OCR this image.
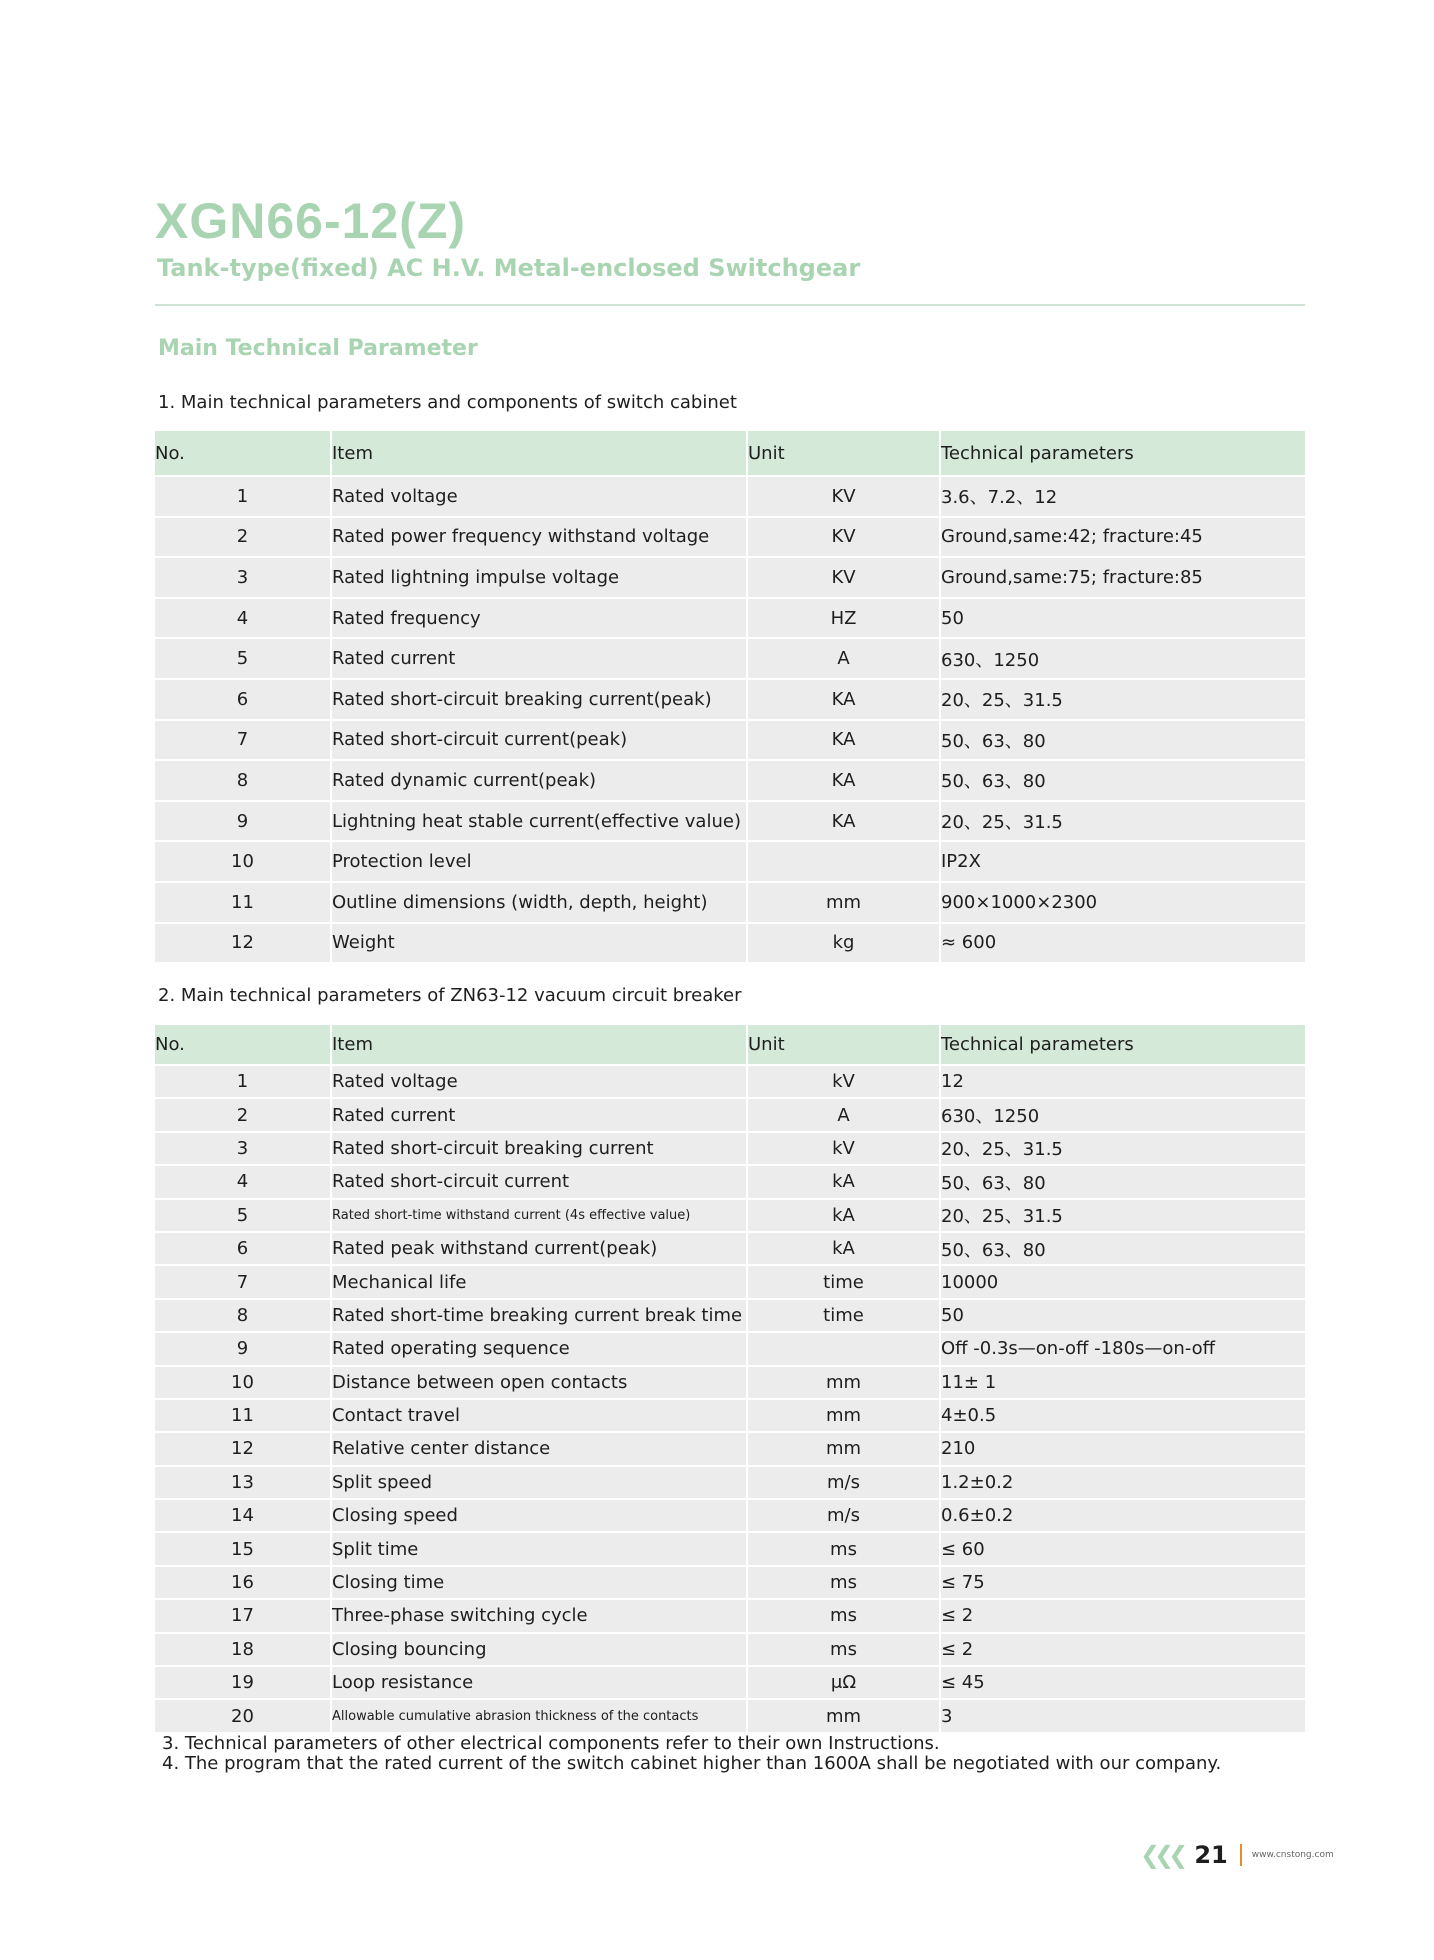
XGN66-12(Z)
Tank-type(fixed) AC H.V. Metal-enclosed Switchgear
Main Technical Parameter

1. Main technical parameters and components of switch cabinet

No.	Item	Unit	Technical parameters
1	Rated voltage	KV	3.6、7.2、12
2	Rated power frequency withstand voltage	KV	Ground,same:42; fracture:45
3	Rated lightning impulse voltage	KV	Ground,same:75; fracture:85
4	Rated frequency	HZ	50
5	Rated current	A	630、1250
6	Rated short-circuit breaking current(peak)	KA	20、25、31.5
7	Rated short-circuit current(peak)	KA	50、63、80
8	Rated dynamic current(peak)	KA	50、63、80
9	Lightning heat stable current(effective value)	KA	20、25、31.5
10	Protection level		IP2X
11	Outline dimensions (width, depth, height)	mm	900×1000×2300
12	Weight	kg	≈ 600

2. Main technical parameters of ZN63-12 vacuum circuit breaker

No.	Item	Unit	Technical parameters
1	Rated voltage	kV	12
2	Rated current	A	630、1250
3	Rated short-circuit breaking current	kV	20、25、31.5
4	Rated short-circuit current	kA	50、63、80
5	Rated short-time withstand current (4s effective value)	kA	20、25、31.5
6	Rated peak withstand current(peak)	kA	50、63、80
7	Mechanical life	time	10000
8	Rated short-time breaking current break time	time	50
9	Rated operating sequence		Off -0.3s—on-off -180s—on-off
10	Distance between open contacts	mm	11± 1
11	Contact travel	mm	4±0.5
12	Relative center distance	mm	210
13	Split speed	m/s	1.2±0.2
14	Closing speed	m/s	0.6±0.2
15	Split time	ms	≤ 60
16	Closing time	ms	≤ 75
17	Three-phase switching cycle	ms	≤ 2
18	Closing bouncing	ms	≤ 2
19	Loop resistance	μΩ	≤ 45
20	Allowable cumulative abrasion thickness of the contacts	mm	3

3. Technical parameters of other electrical components refer to their own Instructions.

4. The program that the rated current of the switch cabinet higher than 1600A shall be negotiated with our company.

❮❮❮ 21	www.cnstong.com
